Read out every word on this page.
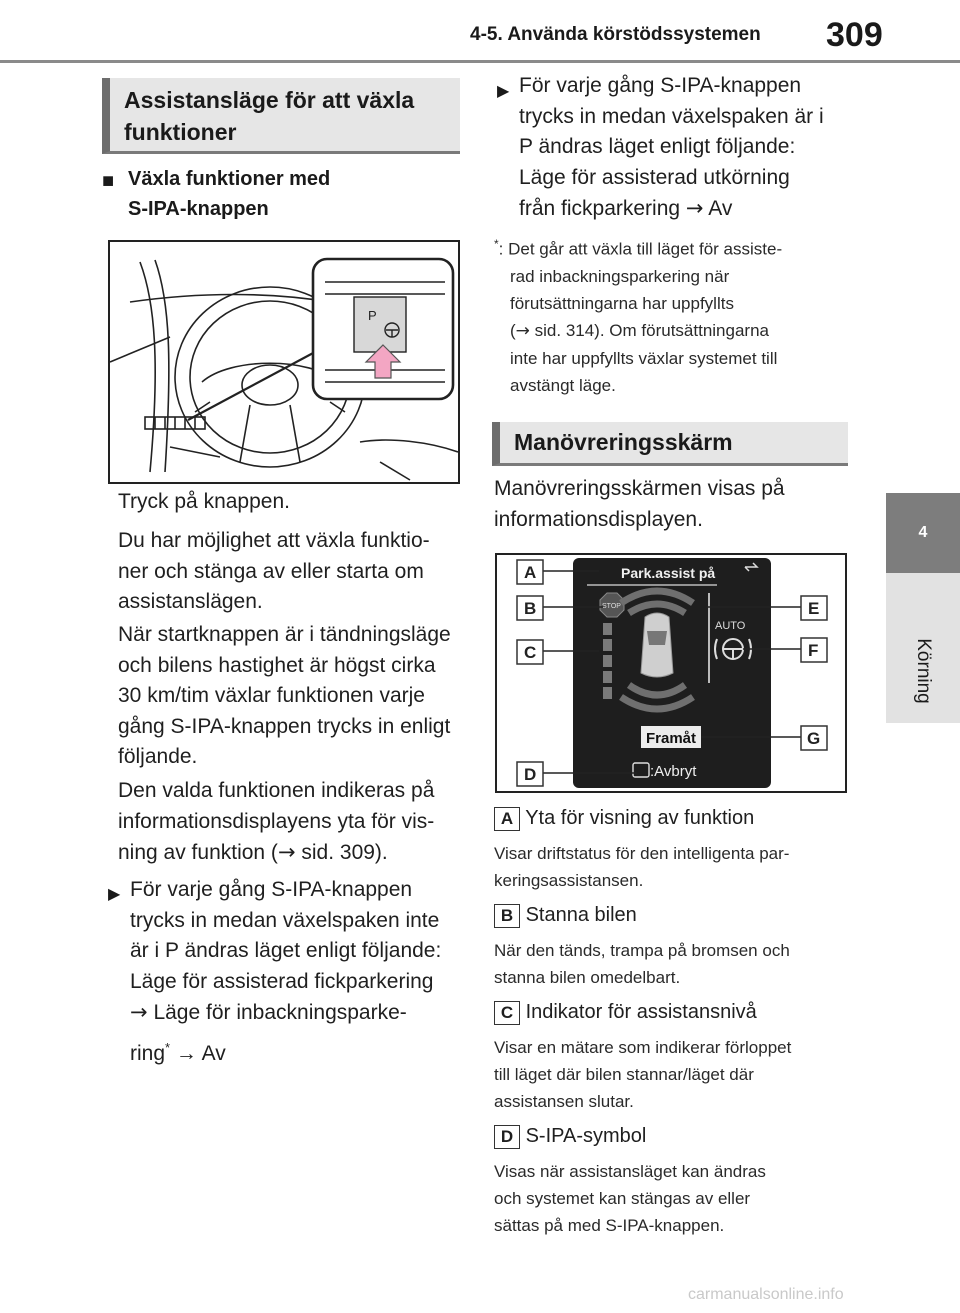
4-5. Använda körstödssystemen 309
4
Körning
Assistansläge för att växla
funktioner
■ Växla funktioner med
S-IPA-knappen
P
Tryck på knappen.
Du har möjlighet att växla funktio-
ner och stänga av eller starta om
assistanslägen.
När startknappen är i tändningsläge
och bilens hastighet är högst cirka
30 km/tim växlar funktionen varje
gång S-IPA-knappen trycks in enligt
följande.
Den valda funktionen indikeras på
informationsdisplayens yta för vis-
ning av funktion (→ sid. 309).
▶ För varje gång S-IPA-knappen
trycks in medan växelspaken inte
är i P ändras läget enligt följande:
Läge för assisterad fickparkering
→ Läge för inbackningsparke-
ring* → Av
▶ För varje gång S-IPA-knappen
trycks in medan växelspaken är i
P ändras läget enligt följande:
Läge för assisterad utkörning
från fickparkering → Av
*: Det går att växla till läget för assiste-
rad inbackningsparkering när
förutsättningarna har uppfyllts
(→ sid. 314). Om förutsättningarna
inte har uppfyllts växlar systemet till
avstängt läge.
Manövreringsskärm
Manövreringsskärmen visas på
informationsdisplayen.
Park.assist på
STOP
AUTO
Framåt
:Avbryt
A
B
C
D
E
F
G
A Yta för visning av funktion
Visar driftstatus för den intelligenta par-
keringsassistansen.
B Stanna bilen
När den tänds, trampa på bromsen och
stanna bilen omedelbart.
C Indikator för assistansnivå
Visar en mätare som indikerar förloppet
till läget där bilen stannar/läget där
assistansen slutar.
D S-IPA-symbol
Visas när assistansläget kan ändras
och systemet kan stängas av eller
sättas på med S-IPA-knappen.
carmanualsonline.info
